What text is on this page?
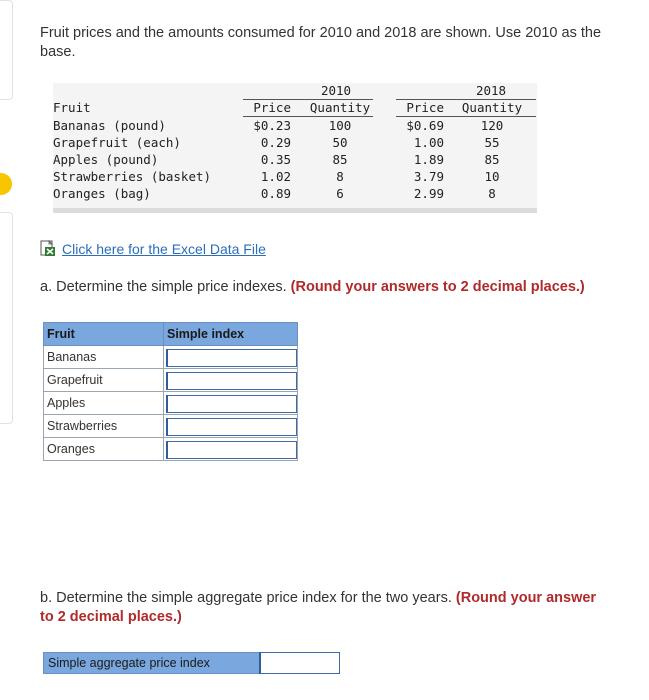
Fruit prices and the amounts consumed for 2010 and 2018 are shown. Use 2010 as the base.
2010	2018
Fruit	Price Quantity	Price Quantity
Bananas (pound)	$0.23	100	$0.69	120
Grapefruit (each)	0.29	50	1.00	55
Apples (pound)	0.35	85	1.89	85
Strawberries (basket)	1.02	8	3.79	10
Oranges (bag)	0.89	6	2.99	8
Click here for the Excel Data File
a. Determine the simple price indexes. (Round your answers to 2 decimal places.)
Fruit	Simple index
Bananas	

Grapefruit	

Apples	

Strawberries	

Oranges	
b. Determine the simple aggregate price index for the two years. (Round your answer to 2 decimal places.)
Simple aggregate price index
